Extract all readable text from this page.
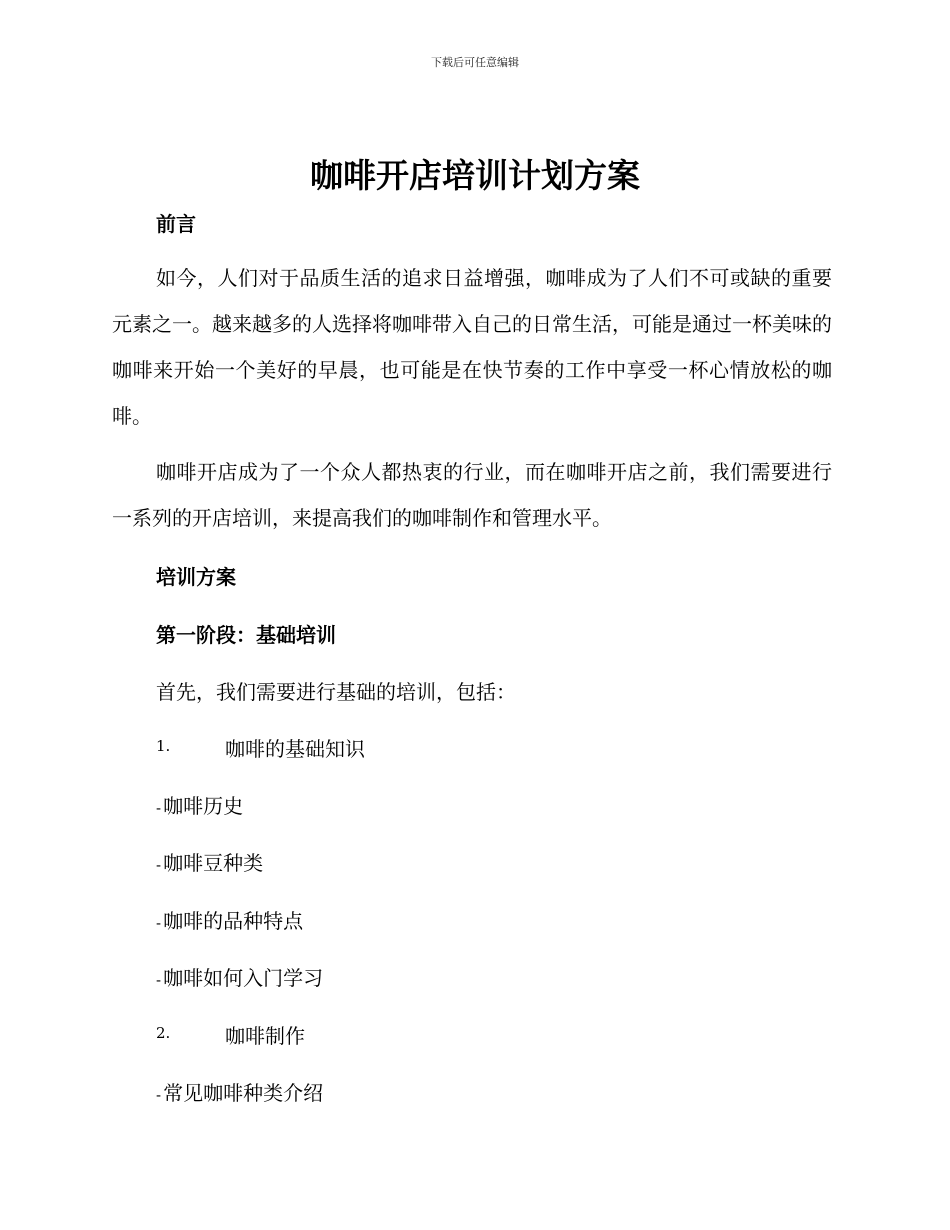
下载后可任意编辑
咖啡开店培训计划方案
前言
如今，人们对于品质生活的追求日益增强，咖啡成为了人们不可或缺的重要元素之一。越来越多的人选择将咖啡带入自己的日常生活，可能是通过一杯美味的咖啡来开始一个美好的早晨，也可能是在快节奏的工作中享受一杯心情放松的咖啡。
咖啡开店成为了一个众人都热衷的行业，而在咖啡开店之前，我们需要进行一系列的开店培训，来提高我们的咖啡制作和管理水平。
培训方案
第一阶段：基础培训
首先，我们需要进行基础的培训，包括：
1.	咖啡的基础知识
- 咖啡历史
- 咖啡豆种类
- 咖啡的品种特点
- 咖啡如何入门学习
2.	咖啡制作
- 常见咖啡种类介绍
